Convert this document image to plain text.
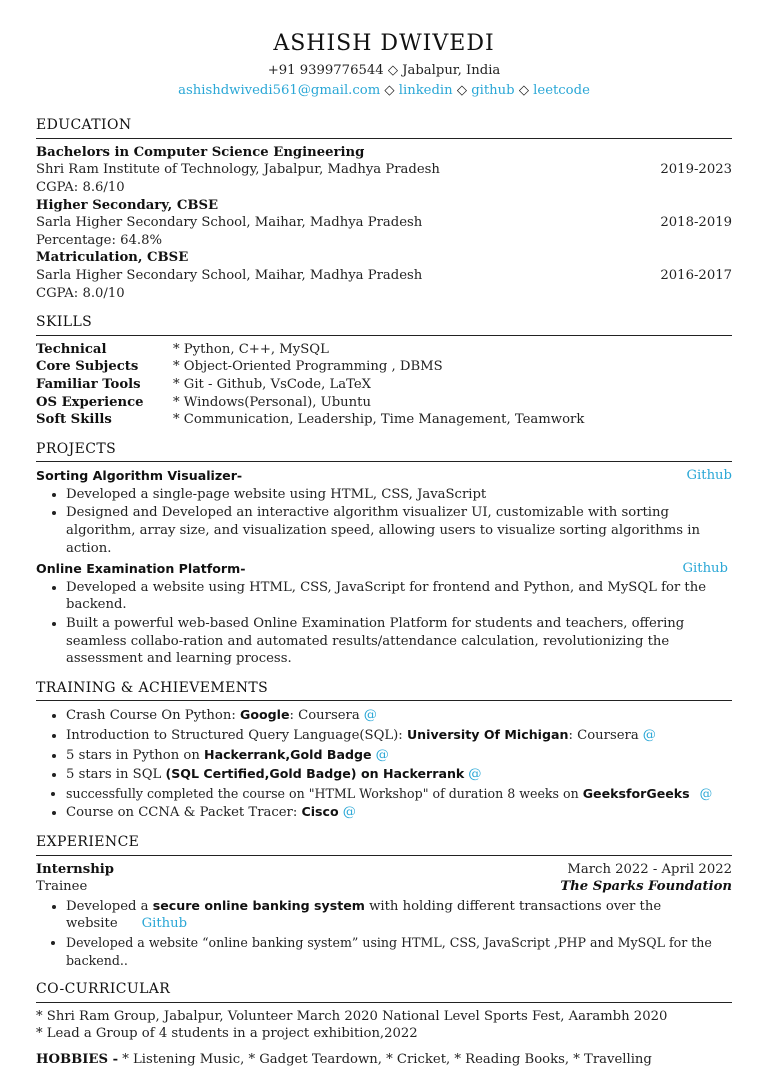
ASHISH DWIVEDI
+91 9399776544 ◇ Jabalpur, India
ashishdwivedi561@gmail.com ◇ linkedin ◇ github ◇ leetcode
EDUCATION
Bachelors in Computer Science Engineering
Shri Ram Institute of Technology, Jabalpur, Madhya Pradesh	2019-2023
CGPA: 8.6/10
Higher Secondary, CBSE
Sarla Higher Secondary School, Maihar, Madhya Pradesh	2018-2019
Percentage: 64.8%
Matriculation, CBSE
Sarla Higher Secondary School, Maihar, Madhya Pradesh	2016-2017
CGPA: 8.0/10
SKILLS
Technical	* Python, C++, MySQL
Core Subjects	* Object-Oriented Programming , DBMS
Familiar Tools	* Git - Github, VsCode, LaTeX
OS Experience	* Windows(Personal), Ubuntu
Soft Skills	* Communication, Leadership, Time Management, Teamwork
PROJECTS
Sorting Algorithm Visualizer-	Github
• Developed a single-page website using HTML, CSS, JavaScript
• Designed and Developed an interactive algorithm visualizer UI, customizable with sorting algorithm, array size, and visualization speed, allowing users to visualize sorting algorithms in action.
Online Examination Platform-	Github
• Developed a website using HTML, CSS, JavaScript for frontend and Python, and MySQL for the backend.
• Built a powerful web-based Online Examination Platform for students and teachers, offering seamless collabo-ration and automated results/attendance calculation, revolutionizing the assessment and learning process.
TRAINING & ACHIEVEMENTS
• Crash Course On Python: Google: Coursera @
• Introduction to Structured Query Language(SQL): University Of Michigan: Coursera @
• 5 stars in Python on Hackerrank,Gold Badge @
• 5 stars in SQL (SQL Certified,Gold Badge) on Hackerrank @
• successfully completed the course on "HTML Workshop" of duration 8 weeks on GeeksforGeeks @
• Course on CCNA & Packet Tracer: Cisco @
EXPERIENCE
Internship	March 2022 - April 2022
Trainee	The Sparks Foundation
• Developed a secure online banking system with holding different transactions over the website Github
• Developed a website “online banking system” using HTML, CSS, JavaScript ,PHP and MySQL for the backend..
CO-CURRICULAR
* Shri Ram Group, Jabalpur, Volunteer March 2020 National Level Sports Fest, Aarambh 2020
* Lead a Group of 4 students in a project exhibition,2022
HOBBIES - * Listening Music, * Gadget Teardown, * Cricket, * Reading Books, * Travelling
